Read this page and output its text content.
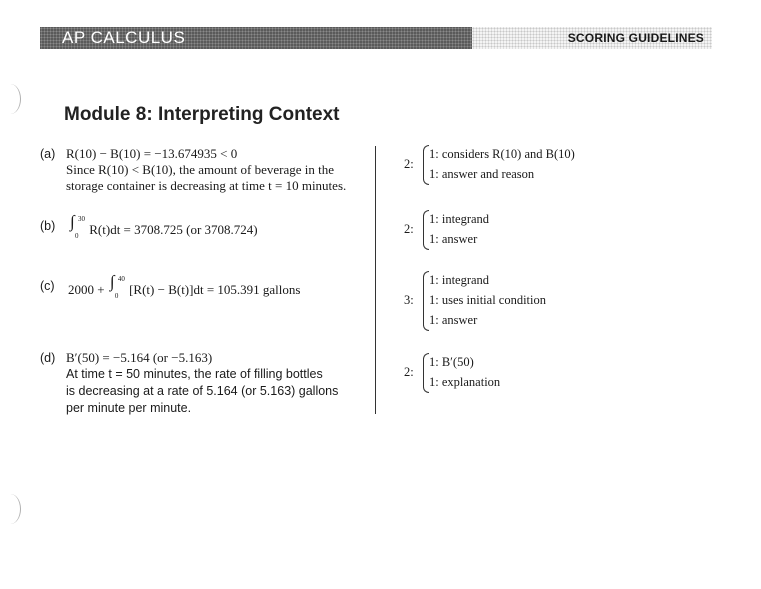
AP CALCULUS	SCORING GUIDELINES
Module 8: Interpreting Context
(a) R(10) − B(10) = −13.674935 < 0
Since R(10) < B(10), the amount of beverage in the
storage container is decreasing at time t = 10 minutes.
(b) ∫ 30
0 R(t)dt = 3708.725 (or 3708.724)
(c) 2000 + ∫ 40
0 [R(t) − B(t)]dt = 105.391 gallons
(d) B′(50) = −5.164 (or −5.163)
At time t = 50 minutes, the rate of filling bottles
is decreasing at a rate of 5.164 (or 5.163) gallons
per minute per minute.
2:
1: considers R(10) and B(10)
1: answer and reason
2:
1: integrand
1: answer
3:
1: integrand
1: uses initial condition
1: answer
2:
1: B′(50)
1: explanation
